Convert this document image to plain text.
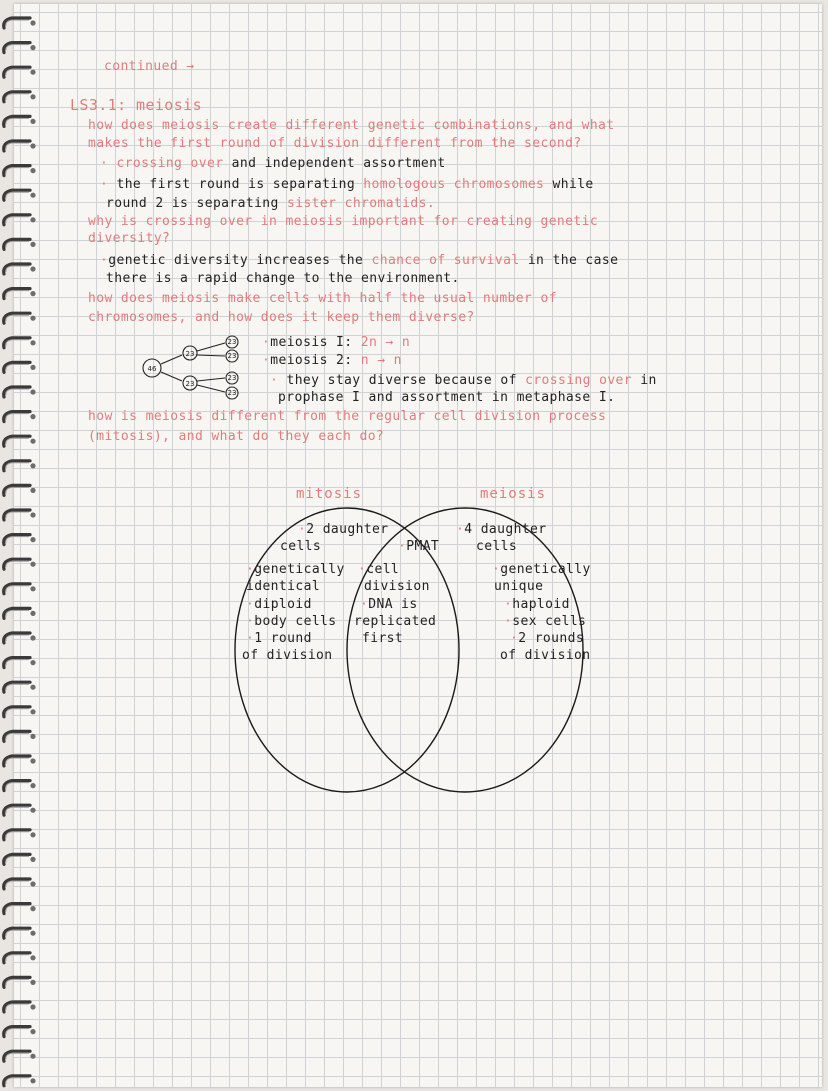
continued →
LS3.1: meiosis
how does meiosis create different genetic combinations, and what
makes the first round of division different from the second?
· crossing over and independent assortment
· the first round is separating homologous chromosomes while
round 2 is separating sister chromatids.
why is crossing over in meiosis important for creating genetic
diversity?
·genetic diversity increases the chance of survival in the case
there is a rapid change to the environment.
how does meiosis make cells with half the usual number of
chromosomes, and how does it keep them diverse?
46
23
23
23
23
23
23
·meiosis I: 2n → n
·meiosis 2: n → n
· they stay diverse because of crossing over in
prophase I and assortment in metaphase I.
how is meiosis different from the regular cell division process
(mitosis), and what do they each do?
mitosis	meiosis
·2 daughter
cells
·genetically
identical
·diploid
·body cells
·1 round
of division
·PMAT
·cell
division
·DNA is
replicated
first
·4 daughter
cells
·genetically
unique
·haploid
·sex cells
·2 rounds
of division
